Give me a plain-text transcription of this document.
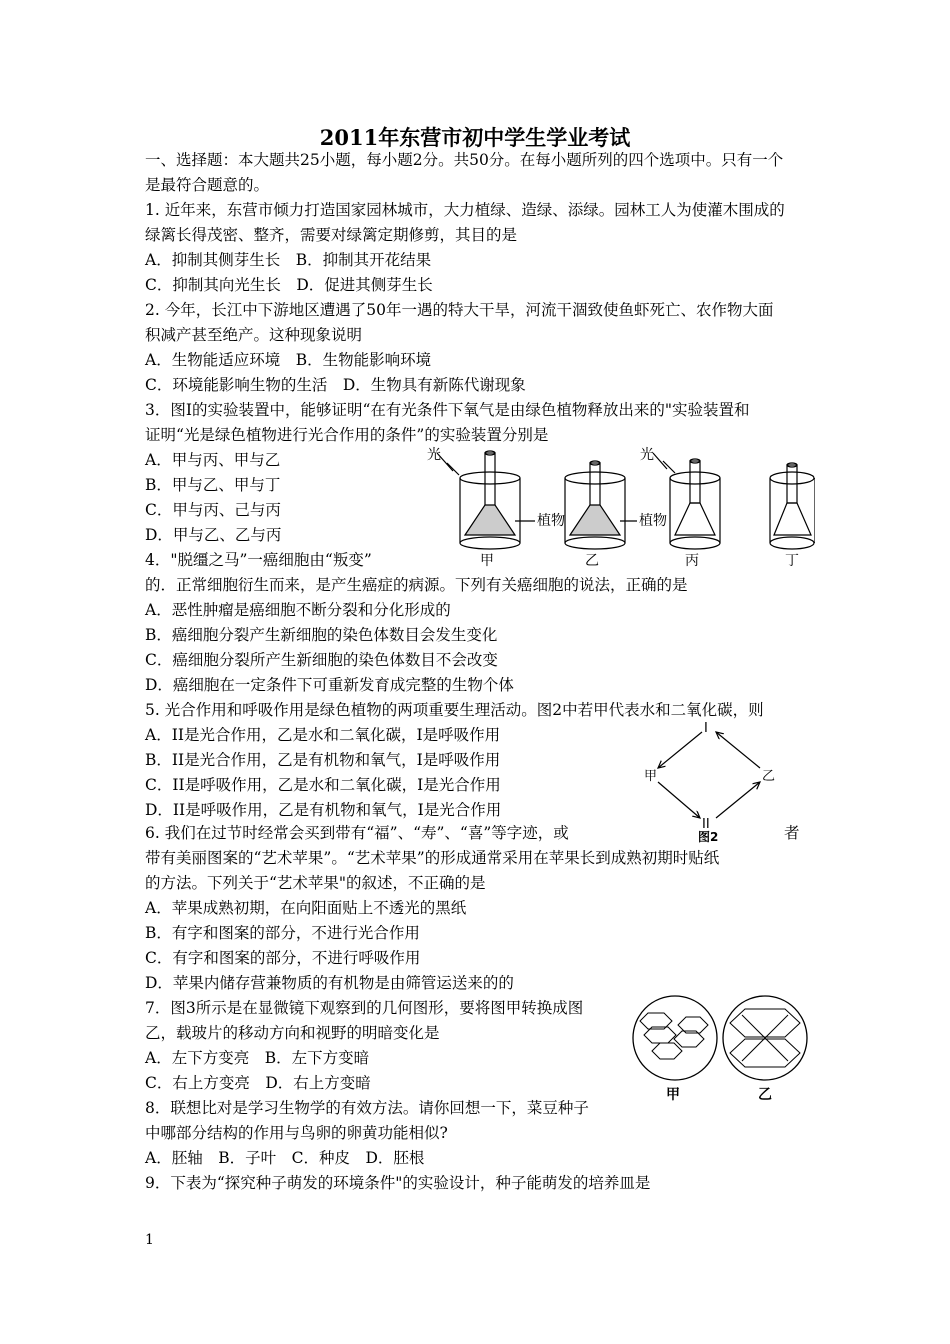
2011年东营市初中学生学业考试
一、选择题：本大题共25小题，每小题2分。共50分。在每小题所列的四个选项中。只有一个
是最符合题意的。
1. 近年来，东营市倾力打造国家园林城市，大力植绿、造绿、添绿。园林工人为使灌木围成的
绿篱长得茂密、整齐，需要对绿篱定期修剪，其目的是
A．抑制其侧芽生长　B．抑制其开花结果
C．抑制其向光生长　D．促进其侧芽生长
2. 今年，长江中下游地区遭遇了50年一遇的特大干旱，河流干涸致使鱼虾死亡、农作物大面
积减产甚至绝产。这种现象说明
A．生物能适应环境　B．生物能影响环境
C．环境能影响生物的生活　D．生物具有新陈代谢现象
3．图I的实验装置中，能够证明“在有光条件下氧气是由绿色植物释放出来的"实验装置和
证明“光是绿色植物进行光合作用的条件”的实验装置分别是
A．甲与丙、甲与乙
B．甲与乙、甲与丁
C．甲与丙、己与丙
D．甲与乙、乙与丙
4．"脱缰之马”一癌细胞由“叛变”
的．正常细胞衍生而来，是产生癌症的病源。下列有关癌细胞的说法，正确的是
A．恶性肿瘤是癌细胞不断分裂和分化形成的
B．癌细胞分裂产生新细胞的染色体数目会发生变化
C．癌细胞分裂所产生新细胞的染色体数目不会改变
D．癌细胞在一定条件下可重新发育成完整的生物个体
5. 光合作用和呼吸作用是绿色植物的两项重要生理活动。图2中若甲代表水和二氧化碳，则
A．II是光合作用，乙是水和二氧化碳，I是呼吸作用
B．II是光合作用，乙是有机物和氧气，I是呼吸作用
C．II是呼吸作用，乙是水和二氧化碳，I是光合作用
D．II是呼吸作用，乙是有机物和氧气，I是光合作用
6. 我们在过节时经常会买到带有“福”、“寿”、“喜”等字迹，或
带有美丽图案的“艺术苹果”。“艺术苹果”的形成通常采用在苹果长到成熟初期时贴纸
的方法。下列关于“艺术苹果"的叙述，不正确的是
A．苹果成熟初期，在向阳面贴上不透光的黑纸
B．有字和图案的部分，不进行光合作用
C．有字和图案的部分，不进行呼吸作用
D．苹果内储存营兼物质的有机物是由筛管运送来的的
7．图3所示是在显微镜下观察到的几何图形，要将图甲转换成图
乙，载玻片的移动方向和视野的明暗变化是
A．左下方变亮　B．左下方变暗
C．右上方变亮　D．右上方变暗
8．联想比对是学习生物学的有效方法。请你回想一下，菜豆种子
中哪部分结构的作用与鸟卵的卵黄功能相似?
A．胚轴　B．子叶　C．种皮　D．胚根
9．下表为“探究种子萌发的环境条件"的实验设计，种子能萌发的培养皿是
者
光	光
植物	植物
甲	乙	丙	丁
I
甲	乙
II
图2
甲	乙
1
